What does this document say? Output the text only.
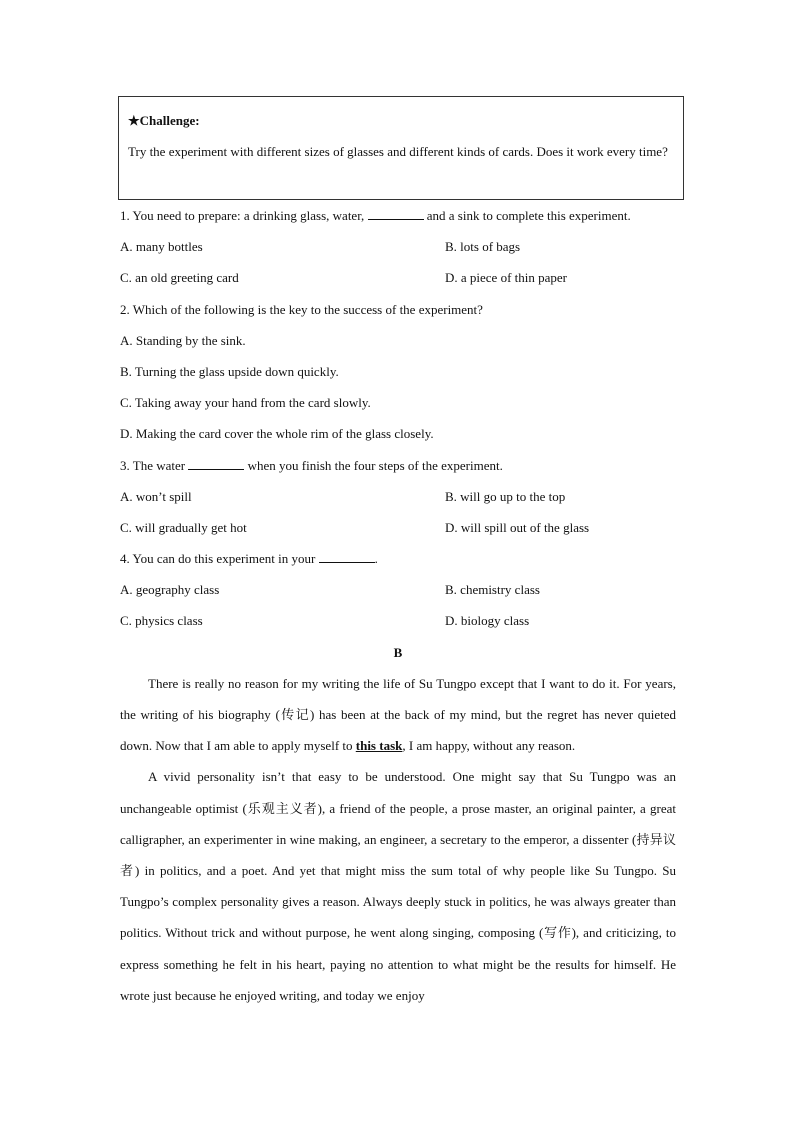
★Challenge:
Try the experiment with different sizes of glasses and different kinds of cards. Does it work every time?
1. You need to prepare: a drinking glass, water,	and a sink to complete this experiment.
A. many bottles	B. lots of bags
C. an old greeting card	D. a piece of thin paper
2. Which of the following is the key to the success of the experiment?
A. Standing by the sink.
B. Turning the glass upside down quickly.
C. Taking away your hand from the card slowly.
D. Making the card cover the whole rim of the glass closely.
3. The water	when you finish the four steps of the experiment.
A. won’t spill	B. will go up to the top
C. will gradually get hot	D. will spill out of the glass
4. You can do this experiment in your	.
A. geography class	B. chemistry class
C. physics class	D. biology class
B
There is really no reason for my writing the life of Su Tungpo except that I want to do it. For years, the writing of his biography (传记) has been at the back of my mind, but the regret has never quieted down. Now that I am able to apply myself to this task, I am happy, without any reason.
A vivid personality isn’t that easy to be understood. One might say that Su Tungpo was an unchangeable optimist (乐观主义者), a friend of the people, a prose master, an original painter, a great calligrapher, an experimenter in wine making, an engineer, a secretary to the emperor, a dissenter (持异议者) in politics, and a poet. And yet that might miss the sum total of why people like Su Tungpo. Su Tungpo’s complex personality gives a reason. Always deeply stuck in politics, he was always greater than politics. Without trick and without purpose, he went along singing, composing (写作), and criticizing, to express something he felt in his heart, paying no attention to what might be the results for himself. He wrote just because he enjoyed writing, and today we enjoy
